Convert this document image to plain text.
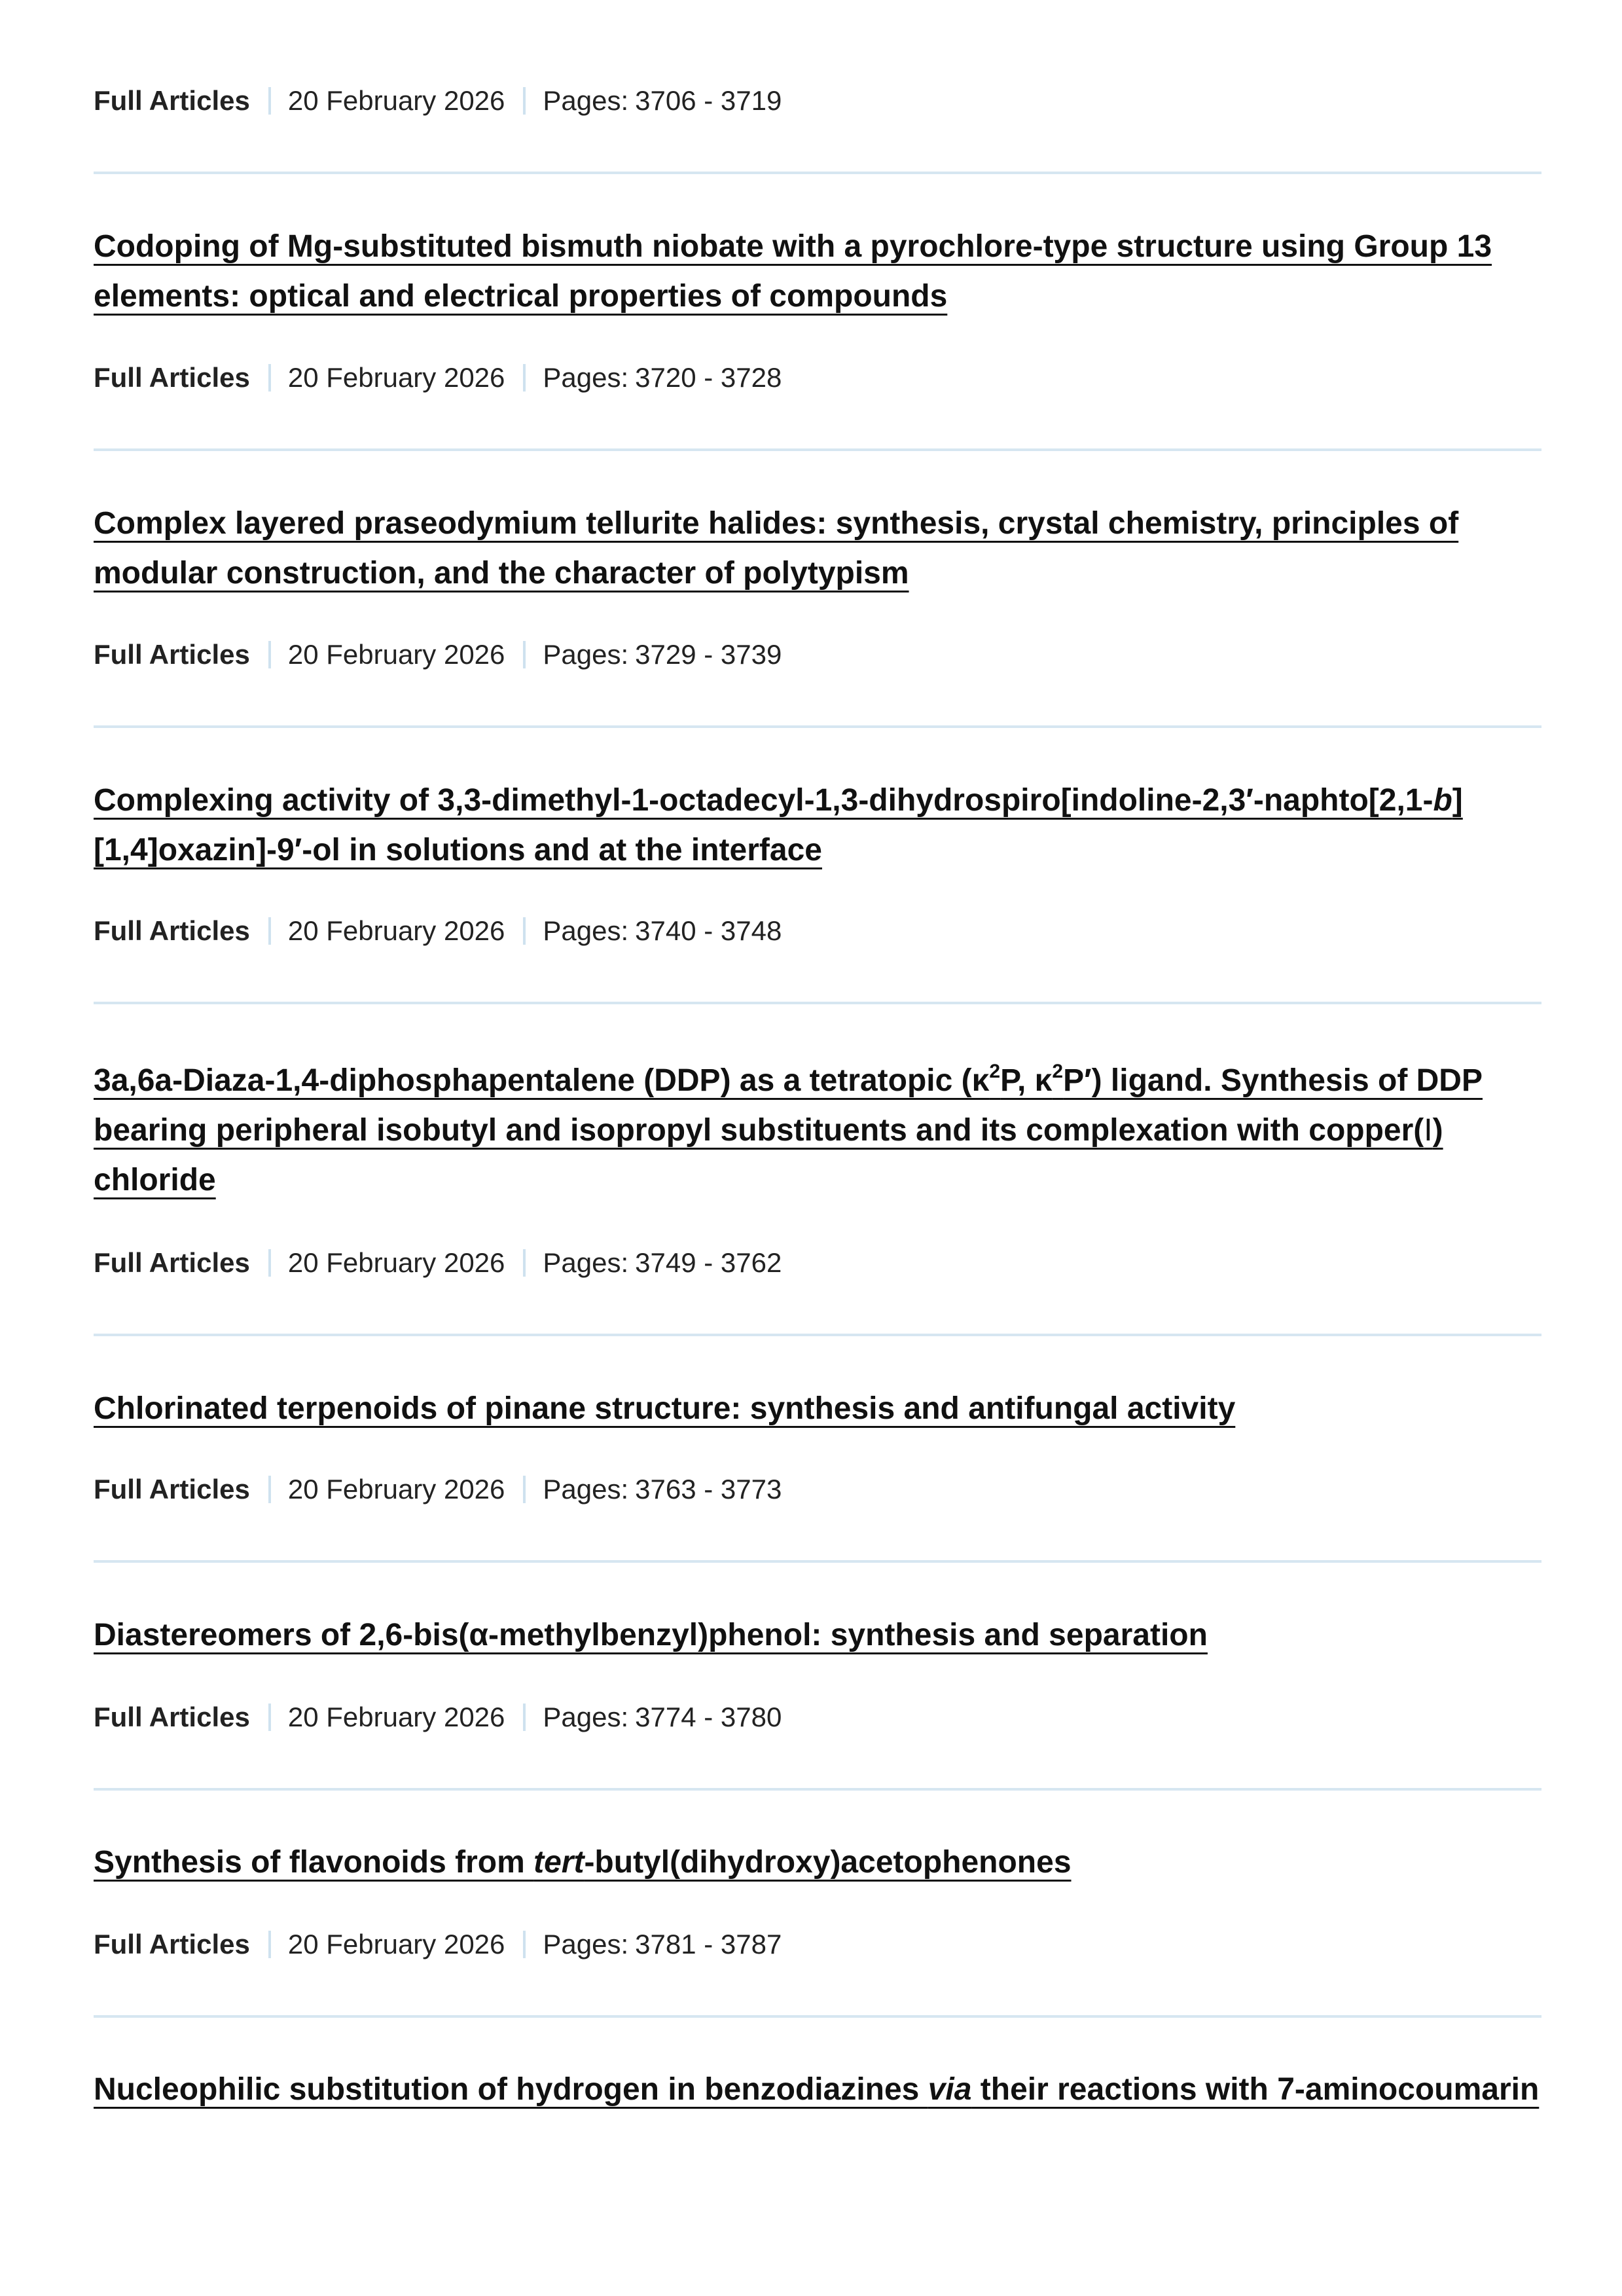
Full Articles 20 February 2026 Pages: 3706 - 3719
Codoping of Mg-substituted bismuth niobate with a pyrochlore-type structure using Group 13 elements: optical and electrical properties of compounds
Full Articles 20 February 2026 Pages: 3720 - 3728
Complex layered praseodymium tellurite halides: synthesis, crystal chemistry, principles of modular construction, and the character of polytypism
Full Articles 20 February 2026 Pages: 3729 - 3739
Complexing activity of 3,3-dimethyl-1-octadecyl-1,3-dihydrospiro[indoline-2,3′-naphto[2,1-b][1,4]oxazin]-9′-ol in solutions and at the interface
Full Articles 20 February 2026 Pages: 3740 - 3748
3a,6a-Diaza-1,4-diphosphapentalene (DDP) as a tetratopic ($\kappa^2P$, $\kappa^2P'$) ligand. Synthesis of DDP bearing peripheral isobutyl and isopropyl substituents and its complexation with copper(I) chloride
Full Articles 20 February 2026 Pages: 3749 - 3762
Chlorinated terpenoids of pinane structure: synthesis and antifungal activity
Full Articles 20 February 2026 Pages: 3763 - 3773
Diastereomers of 2,6-bis(α-methylbenzyl)phenol: synthesis and separation
Full Articles 20 February 2026 Pages: 3774 - 3780
Synthesis of flavonoids from tert-butyl(dihydroxy)acetophenones
Full Articles 20 February 2026 Pages: 3781 - 3787
Nucleophilic substitution of hydrogen in benzodiazines via their reactions with 7-aminocoumarin
